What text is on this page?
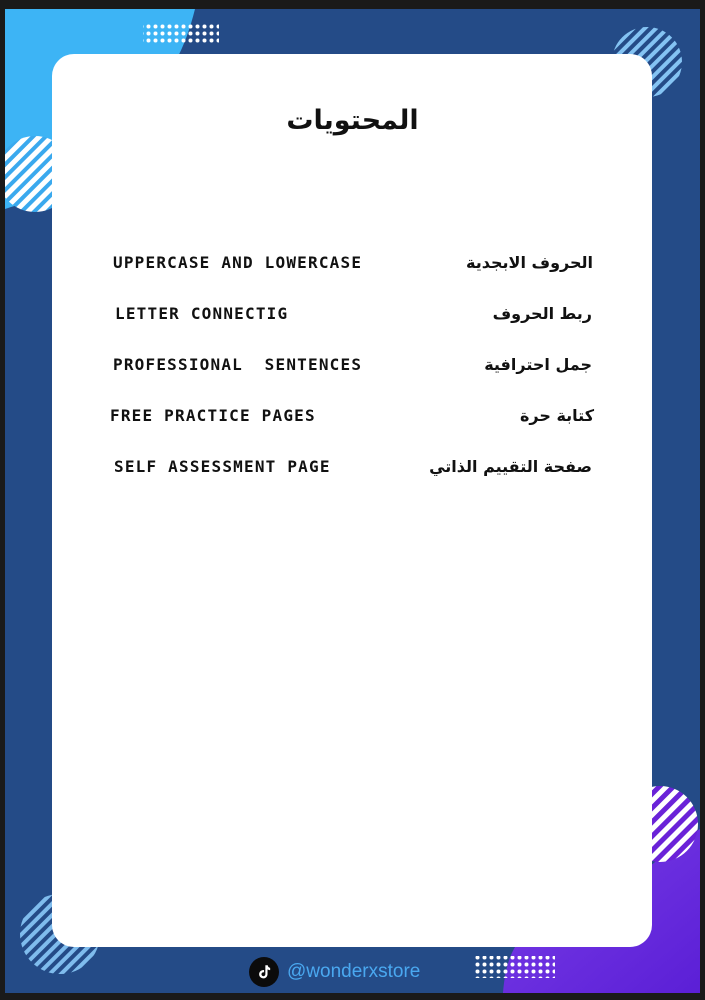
المحتويات
UPPERCASE AND LOWERCASE	الحروف الابجدية
LETTER CONNECTIG	ربط الحروف
PROFESSIONAL  SENTENCES	جمل احترافية
FREE PRACTICE PAGES	كتابة حرة
SELF ASSESSMENT PAGE	صفحة التقييم الذاتي
@wonderxstore
